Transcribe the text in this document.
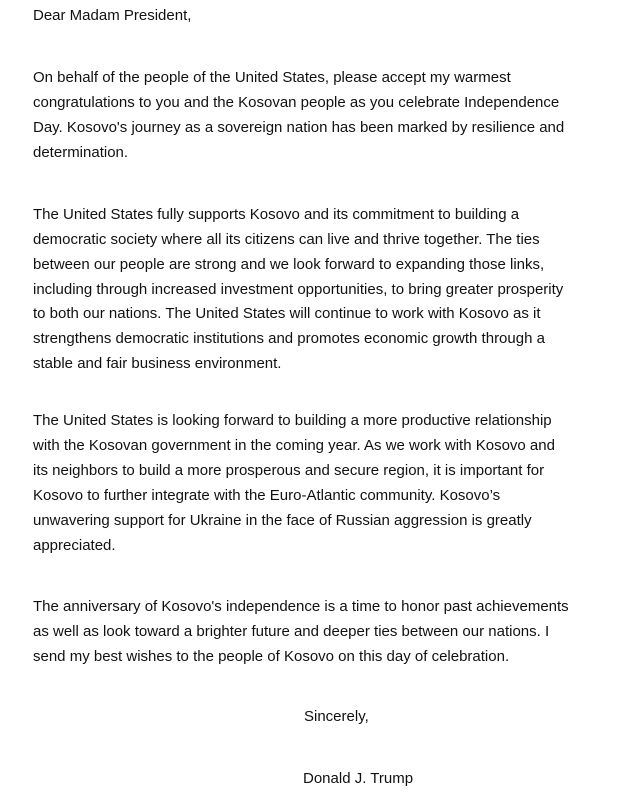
Dear Madam President,
On behalf of the people of the United States, please accept my warmest
congratulations to you and the Kosovan people as you celebrate Independence
Day. Kosovo's journey as a sovereign nation has been marked by resilience and
determination.
The United States fully supports Kosovo and its commitment to building a
democratic society where all its citizens can live and thrive together. The ties
between our people are strong and we look forward to expanding those links,
including through increased investment opportunities, to bring greater prosperity
to both our nations. The United States will continue to work with Kosovo as it
strengthens democratic institutions and promotes economic growth through a
stable and fair business environment.
The United States is looking forward to building a more productive relationship
with the Kosovan government in the coming year. As we work with Kosovo and
its neighbors to build a more prosperous and secure region, it is important for
Kosovo to further integrate with the Euro-Atlantic community. Kosovo’s
unwavering support for Ukraine in the face of Russian aggression is greatly
appreciated.
The anniversary of Kosovo's independence is a time to honor past achievements
as well as look toward a brighter future and deeper ties between our nations. I
send my best wishes to the people of Kosovo on this day of celebration.
Sincerely,
Donald J. Trump
